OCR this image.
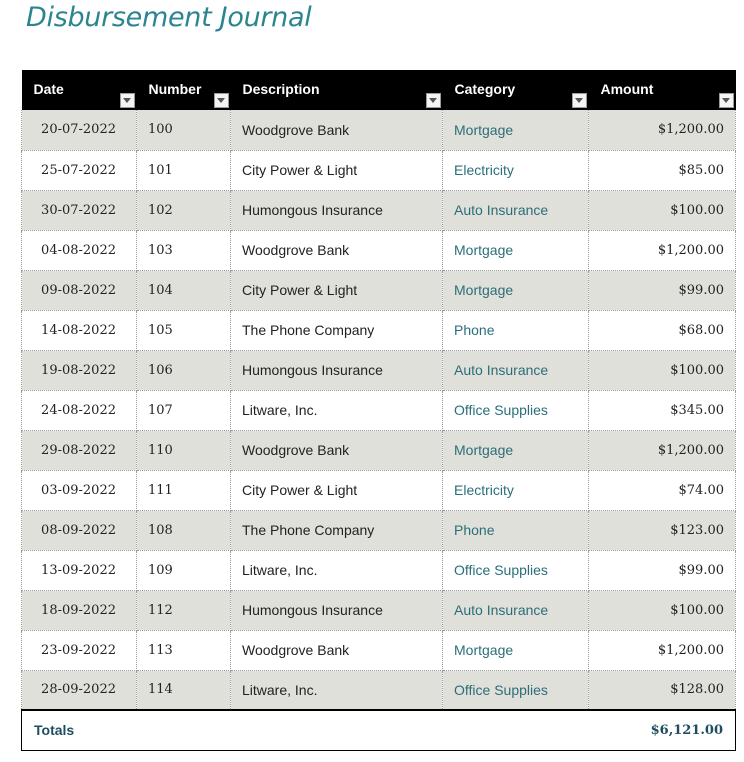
Disbursement Journal
Date	Number	Description	Category	Amount

20-07-2022	100	Woodgrove Bank	Mortgage	$1,200.00
25-07-2022	101	City Power & Light	Electricity	$85.00
30-07-2022	102	Humongous Insurance	Auto Insurance	$100.00
04-08-2022	103	Woodgrove Bank	Mortgage	$1,200.00
09-08-2022	104	City Power & Light	Mortgage	$99.00
14-08-2022	105	The Phone Company	Phone	$68.00
19-08-2022	106	Humongous Insurance	Auto Insurance	$100.00
24-08-2022	107	Litware, Inc.	Office Supplies	$345.00
29-08-2022	110	Woodgrove Bank	Mortgage	$1,200.00
03-09-2022	111	City Power & Light	Electricity	$74.00
08-09-2022	108	The Phone Company	Phone	$123.00
13-09-2022	109	Litware, Inc.	Office Supplies	$99.00
18-09-2022	112	Humongous Insurance	Auto Insurance	$100.00
23-09-2022	113	Woodgrove Bank	Mortgage	$1,200.00
28-09-2022	114	Litware, Inc.	Office Supplies	$128.00
Totals				$6,121.00
